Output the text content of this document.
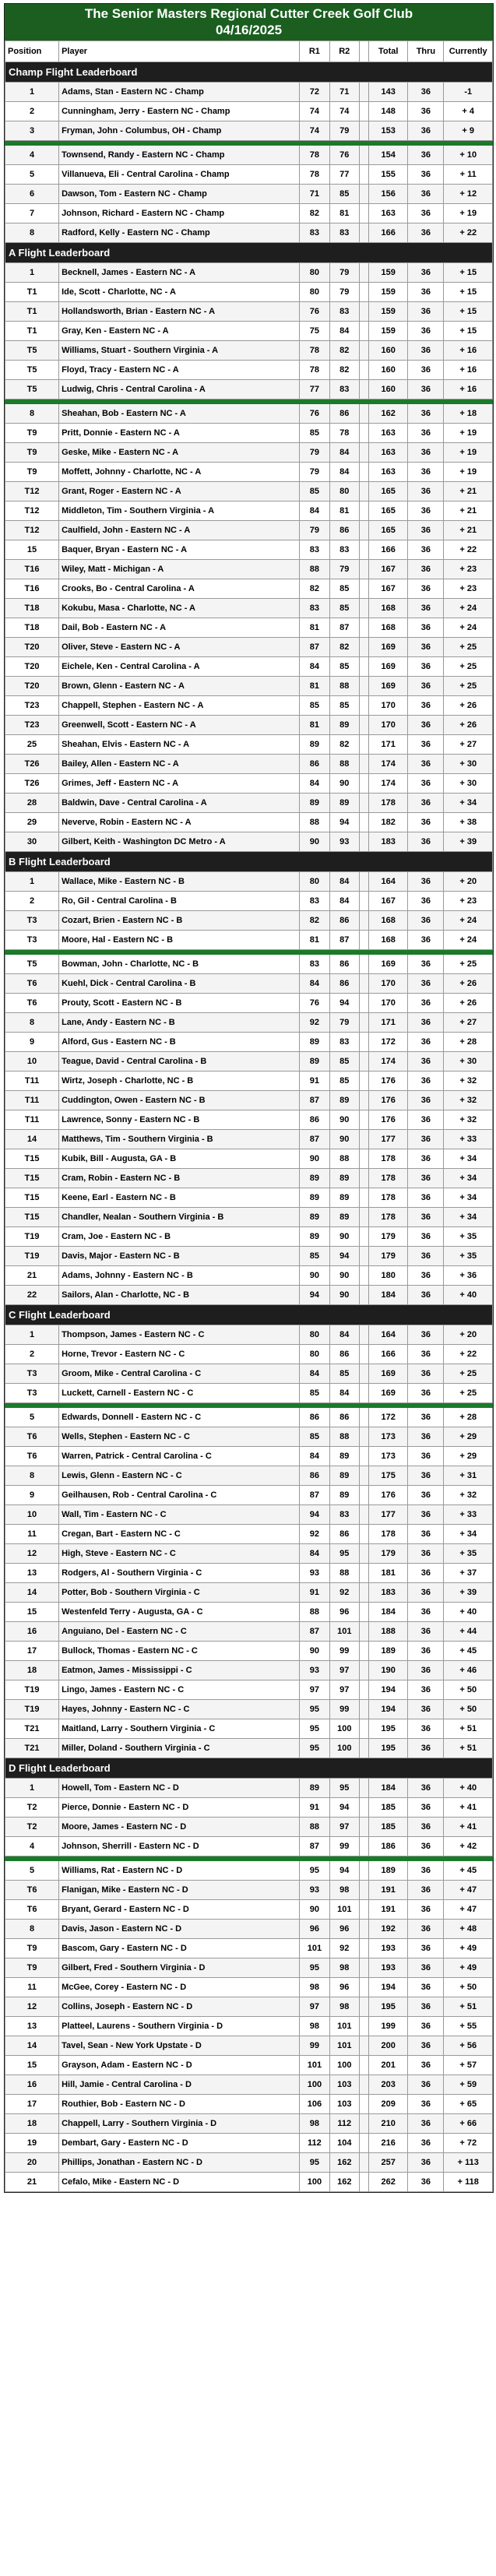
The Senior Masters Regional Cutter Creek Golf Club
04/16/2025
Position	Player	R1	R2		Total	Thru	Currently
Champ Flight Leaderboard							
1	Adams, Stan - Eastern NC - Champ	72	71		143	36	-1
2	Cunningham, Jerry - Eastern NC - Champ	74	74		148	36	+ 4
3	Fryman, John - Columbus, OH - Champ	74	79		153	36	+ 9

4	Townsend, Randy - Eastern NC - Champ	78	76		154	36	+ 10
5	Villanueva, Eli - Central Carolina - Champ	78	77		155	36	+ 11
6	Dawson, Tom - Eastern NC - Champ	71	85		156	36	+ 12
7	Johnson, Richard - Eastern NC - Champ	82	81		163	36	+ 19
8	Radford, Kelly - Eastern NC - Champ	83	83		166	36	+ 22
A Flight Leaderboard							
1	Becknell, James - Eastern NC - A	80	79		159	36	+ 15
T1	Ide, Scott - Charlotte, NC - A	80	79		159	36	+ 15
T1	Hollandsworth, Brian - Eastern NC - A	76	83		159	36	+ 15
T1	Gray, Ken - Eastern NC - A	75	84		159	36	+ 15
T5	Williams, Stuart - Southern Virginia - A	78	82		160	36	+ 16
T5	Floyd, Tracy - Eastern NC - A	78	82		160	36	+ 16
T5	Ludwig, Chris - Central Carolina - A	77	83		160	36	+ 16

8	Sheahan, Bob - Eastern NC - A	76	86		162	36	+ 18
T9	Pritt, Donnie - Eastern NC - A	85	78		163	36	+ 19
T9	Geske, Mike - Eastern NC - A	79	84		163	36	+ 19
T9	Moffett, Johnny - Charlotte, NC - A	79	84		163	36	+ 19
T12	Grant, Roger - Eastern NC - A	85	80		165	36	+ 21
T12	Middleton, Tim - Southern Virginia - A	84	81		165	36	+ 21
T12	Caulfield, John - Eastern NC - A	79	86		165	36	+ 21
15	Baquer, Bryan - Eastern NC - A	83	83		166	36	+ 22
T16	Wiley, Matt - Michigan - A	88	79		167	36	+ 23
T16	Crooks, Bo - Central Carolina - A	82	85		167	36	+ 23
T18	Kokubu, Masa - Charlotte, NC - A	83	85		168	36	+ 24
T18	Dail, Bob - Eastern NC - A	81	87		168	36	+ 24
T20	Oliver, Steve - Eastern NC - A	87	82		169	36	+ 25
T20	Eichele, Ken - Central Carolina - A	84	85		169	36	+ 25
T20	Brown, Glenn - Eastern NC - A	81	88		169	36	+ 25
T23	Chappell, Stephen - Eastern NC - A	85	85		170	36	+ 26
T23	Greenwell, Scott - Eastern NC - A	81	89		170	36	+ 26
25	Sheahan, Elvis - Eastern NC - A	89	82		171	36	+ 27
T26	Bailey, Allen - Eastern NC - A	86	88		174	36	+ 30
T26	Grimes, Jeff - Eastern NC - A	84	90		174	36	+ 30
28	Baldwin, Dave - Central Carolina - A	89	89		178	36	+ 34
29	Neverve, Robin - Eastern NC - A	88	94		182	36	+ 38
30	Gilbert, Keith - Washington DC Metro - A	90	93		183	36	+ 39
B Flight Leaderboard							
1	Wallace, Mike - Eastern NC - B	80	84		164	36	+ 20
2	Ro, Gil - Central Carolina - B	83	84		167	36	+ 23
T3	Cozart, Brien - Eastern NC - B	82	86		168	36	+ 24
T3	Moore, Hal - Eastern NC - B	81	87		168	36	+ 24

T5	Bowman, John - Charlotte, NC - B	83	86		169	36	+ 25
T6	Kuehl, Dick - Central Carolina - B	84	86		170	36	+ 26
T6	Prouty, Scott - Eastern NC - B	76	94		170	36	+ 26
8	Lane, Andy - Eastern NC - B	92	79		171	36	+ 27
9	Alford, Gus - Eastern NC - B	89	83		172	36	+ 28
10	Teague, David - Central Carolina - B	89	85		174	36	+ 30
T11	Wirtz, Joseph - Charlotte, NC - B	91	85		176	36	+ 32
T11	Cuddington, Owen - Eastern NC - B	87	89		176	36	+ 32
T11	Lawrence, Sonny - Eastern NC - B	86	90		176	36	+ 32
14	Matthews, Tim - Southern Virginia - B	87	90		177	36	+ 33
T15	Kubik, Bill - Augusta, GA - B	90	88		178	36	+ 34
T15	Cram, Robin - Eastern NC - B	89	89		178	36	+ 34
T15	Keene, Earl - Eastern NC - B	89	89		178	36	+ 34
T15	Chandler, Nealan - Southern Virginia - B	89	89		178	36	+ 34
T19	Cram, Joe - Eastern NC - B	89	90		179	36	+ 35
T19	Davis, Major - Eastern NC - B	85	94		179	36	+ 35
21	Adams, Johnny - Eastern NC - B	90	90		180	36	+ 36
22	Sailors, Alan - Charlotte, NC - B	94	90		184	36	+ 40
C Flight Leaderboard							
1	Thompson, James - Eastern NC - C	80	84		164	36	+ 20
2	Horne, Trevor - Eastern NC - C	80	86		166	36	+ 22
T3	Groom, Mike - Central Carolina - C	84	85		169	36	+ 25
T3	Luckett, Carnell - Eastern NC - C	85	84		169	36	+ 25

5	Edwards, Donnell - Eastern NC - C	86	86		172	36	+ 28
T6	Wells, Stephen - Eastern NC - C	85	88		173	36	+ 29
T6	Warren, Patrick - Central Carolina - C	84	89		173	36	+ 29
8	Lewis, Glenn - Eastern NC - C	86	89		175	36	+ 31
9	Geilhausen, Rob - Central Carolina - C	87	89		176	36	+ 32
10	Wall, Tim - Eastern NC - C	94	83		177	36	+ 33
11	Cregan, Bart - Eastern NC - C	92	86		178	36	+ 34
12	High, Steve - Eastern NC - C	84	95		179	36	+ 35
13	Rodgers, Al - Southern Virginia - C	93	88		181	36	+ 37
14	Potter, Bob - Southern Virginia - C	91	92		183	36	+ 39
15	Westenfeld Terry - Augusta, GA - C	88	96		184	36	+ 40
16	Anguiano, Del - Eastern NC - C	87	101		188	36	+ 44
17	Bullock, Thomas - Eastern NC - C	90	99		189	36	+ 45
18	Eatmon, James - Mississippi - C	93	97		190	36	+ 46
T19	Lingo, James - Eastern NC - C	97	97		194	36	+ 50
T19	Hayes, Johnny - Eastern NC - C	95	99		194	36	+ 50
T21	Maitland, Larry - Southern Virginia - C	95	100		195	36	+ 51
T21	Miller, Doland - Southern Virginia - C	95	100		195	36	+ 51
D Flight Leaderboard							
1	Howell, Tom - Eastern NC - D	89	95		184	36	+ 40
T2	Pierce, Donnie - Eastern NC - D	91	94		185	36	+ 41
T2	Moore, James - Eastern NC - D	88	97		185	36	+ 41
4	Johnson, Sherrill - Eastern NC - D	87	99		186	36	+ 42

5	Williams, Rat - Eastern NC - D	95	94		189	36	+ 45
T6	Flanigan, Mike - Eastern NC - D	93	98		191	36	+ 47
T6	Bryant, Gerard - Eastern NC - D	90	101		191	36	+ 47
8	Davis, Jason - Eastern NC - D	96	96		192	36	+ 48
T9	Bascom, Gary - Eastern NC - D	101	92		193	36	+ 49
T9	Gilbert, Fred - Southern Virginia - D	95	98		193	36	+ 49
11	McGee, Corey - Eastern NC - D	98	96		194	36	+ 50
12	Collins, Joseph - Eastern NC - D	97	98		195	36	+ 51
13	Platteel, Laurens - Southern Virginia - D	98	101		199	36	+ 55
14	Tavel, Sean - New York Upstate - D	99	101		200	36	+ 56
15	Grayson, Adam - Eastern NC - D	101	100		201	36	+ 57
16	Hill, Jamie - Central Carolina - D	100	103		203	36	+ 59
17	Routhier, Bob - Eastern NC - D	106	103		209	36	+ 65
18	Chappell, Larry - Southern Virginia - D	98	112		210	36	+ 66
19	Dembart, Gary - Eastern NC - D	112	104		216	36	+ 72
20	Phillips, Jonathan - Eastern NC - D	95	162		257	36	+ 113
21	Cefalo, Mike - Eastern NC - D	100	162		262	36	+ 118
